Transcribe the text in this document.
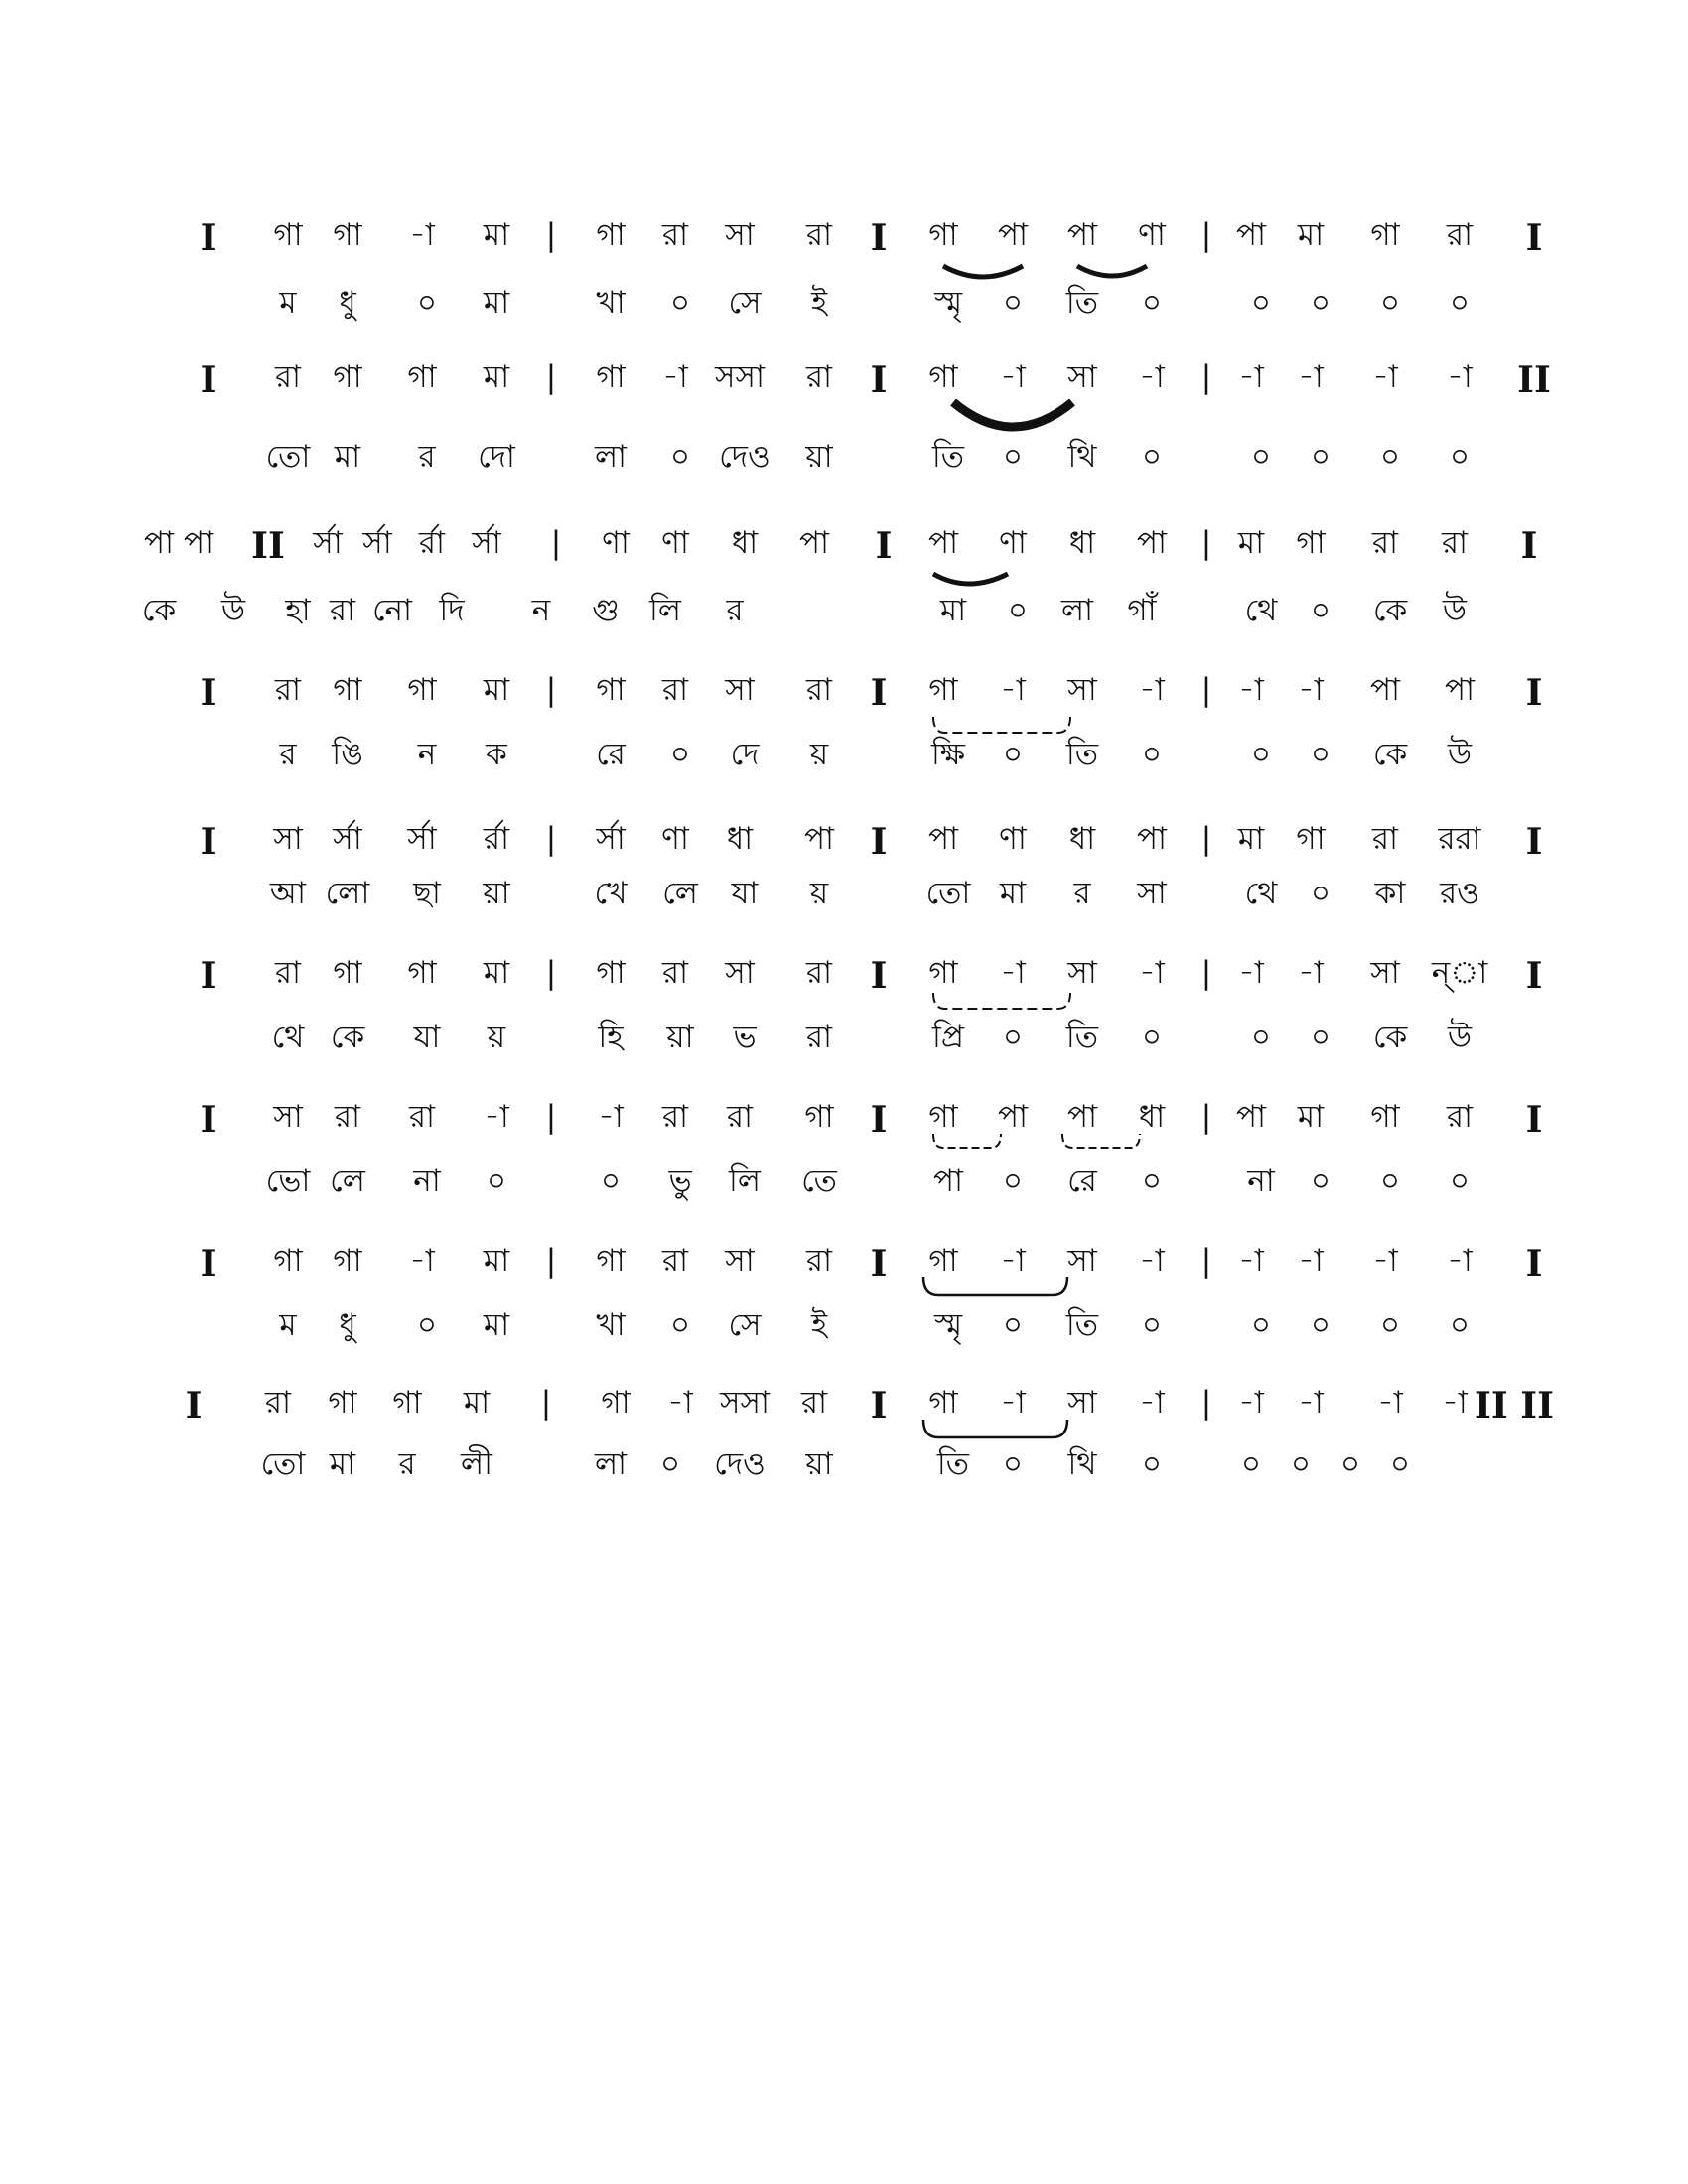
I গা গা -া মা | গা রা সা রা I গা পা পা ণা | পা মা গা রা I
ম ধু ০ মা	খা ০ সে ই	স্মৃ ০ তি ০	০ ০ ০ ০
I রা গা গা মা | গা -া সসা রা I গা -া সা -া | -া -া -া -া II
তো মা র দো	লা ০ দেও য়া	তি ০ থি ০	০ ০ ০ ০
পা পা II র্সা র্সা র্রা র্সা | ণা ণা ধা পা I পা ণা ধা পা | মা গা রা রা I
কে উ হা রা নো দি ন গু লি র	মা ০ লা গাঁ	থে ০ কে উ
I রা গা গা মা | গা রা সা রা I গা -া সা -া | -া -া পা পা I
র ঙি ন ক	রে ০ দে য়	ক্ষি ০ তি ০	০ ০ কে উ
I সা র্সা র্সা র্রা | র্সা ণা ধা পা I পা ণা ধা পা | মা গা রা ররা I
আ লো ছা য়া	খে লে যা য়	তো মা র সা	থে ০ কা রও
I রা গা গা মা | গা রা সা রা I গা -া সা -া | -া -া সা ন্া I
থে কে যা য়	হি য়া ভ রা	প্রি ০ তি ০	০ ০ কে উ
I সা রা রা -া | -া রা রা গা I গা পা পা ধা | পা মা গা রা I
ভো লে না ০	০ ভু লি তে	পা ০ রে ০	না ০ ০ ০
I গা গা -া মা | গা রা সা রা I গা -া সা -া | -া -া -া -া I
ম ধু ০ মা	খা ০ সে ই	স্মৃ ০ তি ০	০ ০ ০ ০
I রা গা গা মা | গা -া সসা রা I গা -া সা -া | -া -া -া -া II II
তো মা র লী	লা ০ দেও য়া	তি ০ থি ০	০ ০ ০ ০
